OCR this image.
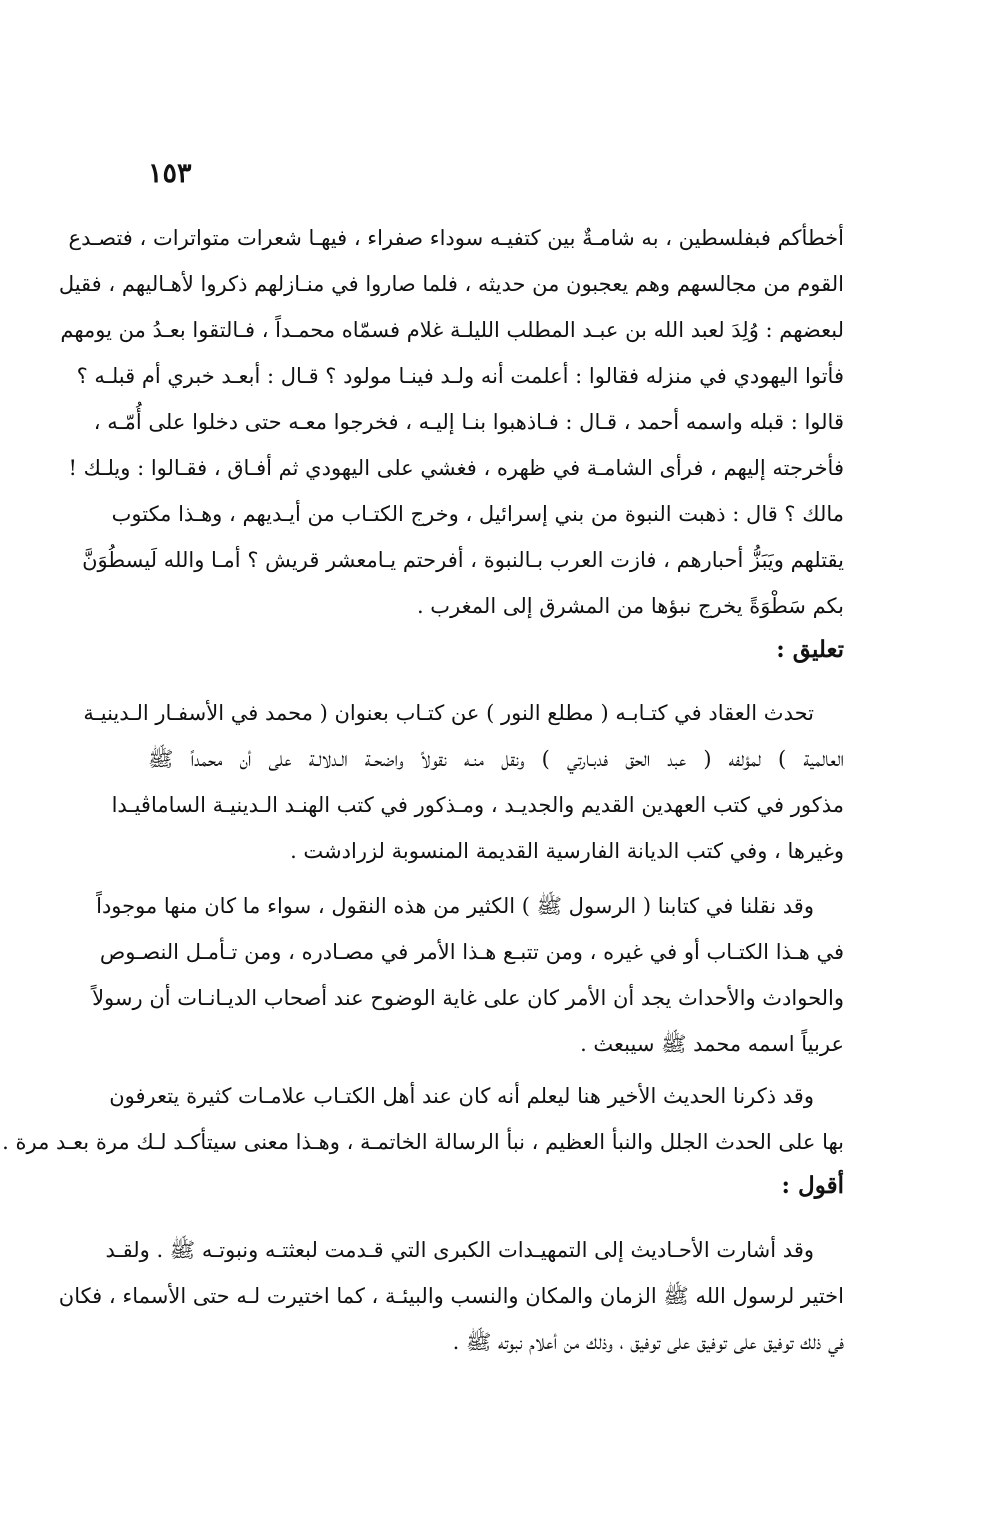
١٥٣
أخطأكم فبفلسطين ، به شامـةٌ بين كتفيـه سوداء صفراء ، فيهـا شعرات متواترات ، فتصـدع
القوم من مجالسهم وهم يعجبون من حديثه ، فلما صاروا في منـازلهم ذكروا لأهـاليهم ، فقيل
لبعضهم : وُلِدَ لعبد الله بن عبـد المطلب الليلـة غلام فسمّاه محمـداً ، فـالتقوا بعـدُ من يومهم
فأتوا اليهودي في منزله فقالوا : أعلمت أنه ولـد فينـا مولود ؟ قـال : أبعـد خبري أم قبلـه ؟
قالوا : قبله واسمه أحمد ، قـال : فـاذهبوا بنـا إليـه ، فخرجوا معـه حتى دخلوا على أُمّـه ،
فأخرجته إليهم ، فرأى الشامـة في ظهره ، فغشي على اليهودي ثم أفـاق ، فقـالوا : ويلـك !
مالك ؟ قال : ذهبت النبوة من بني إسرائيل ، وخرج الكتـاب من أيـديهم ، وهـذا مكتوب
يقتلهم ويَبَزُّ أحبارهم ، فازت العرب بـالنبوة ، أفرحتم يـامعشر قريش ؟ أمـا والله لَيسطُوَنَّ
بكم سَطْوَةً يخرج نبؤها من المشرق إلى المغرب .
تعليق :
تحدث العقاد في كتـابـه ( مطلع النور ) عن كتـاب بعنوان ( محمد في الأسفـار الـدينيـة
العالمية ) لمؤلفه ( عبد الحق فدبـارتي ) ونقل منـه نقولاً واضحـة الـدلالـة على أن محمداً ﷺ
مذكور في كتب العهدين القديم والجديـد ، ومـذكور في كتب الهنـد الـدينيـة الساماڤيـدا
وغيرها ، وفي كتب الديانة الفارسية القديمة المنسوبة لزرادشت .
وقد نقلنا في كتابنا ( الرسول ﷺ ) الكثير من هذه النقول ، سواء ما كان منها موجوداً
في هـذا الكتـاب أو في غيره ، ومن تتبـع هـذا الأمر في مصـادره ، ومن تـأمـل النصـوص
والحوادث والأحداث يجد أن الأمر كان على غاية الوضوح عند أصحاب الديـانـات أن رسولاً
عربياً اسمه محمد ﷺ سيبعث .
وقد ذكرنا الحديث الأخير هنا ليعلم أنه كان عند أهل الكتـاب علامـات كثيرة يتعرفون
بها على الحدث الجلل والنبأ العظيم ، نبأ الرسالة الخاتمـة ، وهـذا معنى سيتأكـد لـك مرة بعـد مرة .
أقول :
وقد أشارت الأحـاديث إلى التمهيـدات الكبرى التي قـدمت لبعثتـه ونبوتـه ﷺ . ولقـد
اختير لرسول الله ﷺ الزمان والمكان والنسب والبيئـة ، كما اختيرت لـه حتى الأسماء ، فكان
في ذلك توفيق على توفيق على توفيق ، وذلك من أعلام نبوته ﷺ .
